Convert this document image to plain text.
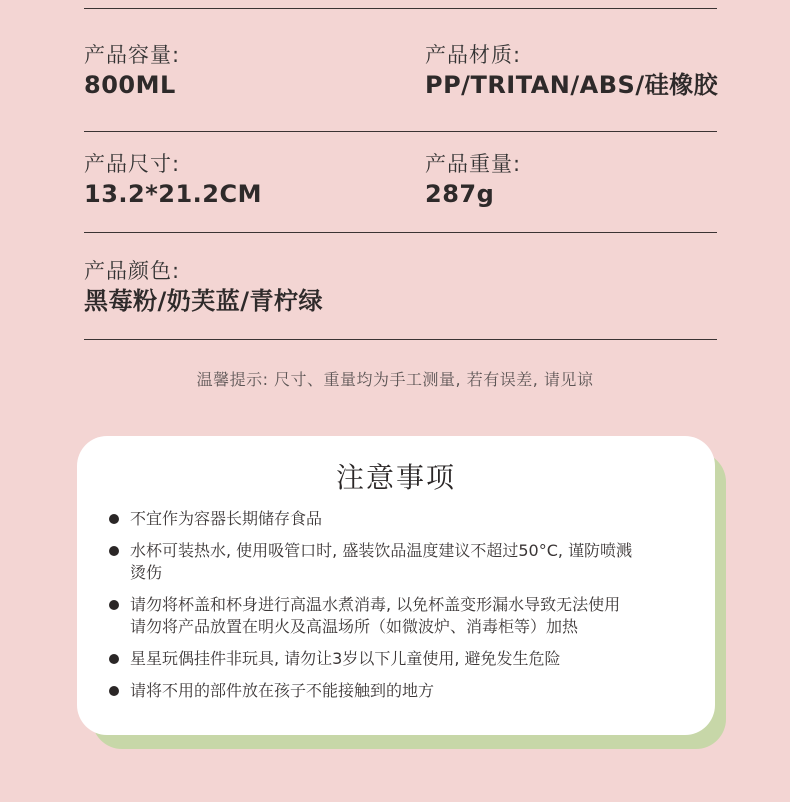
产品容量:
800ML
产品材质:
PP/TRITAN/ABS/硅橡胶
产品尺寸:
13.2*21.2CM
产品重量:
287g
产品颜色:
黑莓粉/奶芙蓝/青柠绿
温馨提示: 尺寸、重量均为手工测量, 若有误差, 请见谅
注意事项
不宜作为容器长期储存食品
水杯可装热水, 使用吸管口时, 盛装饮品温度建议不超过50°C, 谨防喷溅
烫伤
请勿将杯盖和杯身进行高温水煮消毒, 以免杯盖变形漏水导致无法使用
请勿将产品放置在明火及高温场所（如微波炉、消毒柜等）加热
星星玩偶挂件非玩具, 请勿让3岁以下儿童使用, 避免发生危险
请将不用的部件放在孩子不能接触到的地方
